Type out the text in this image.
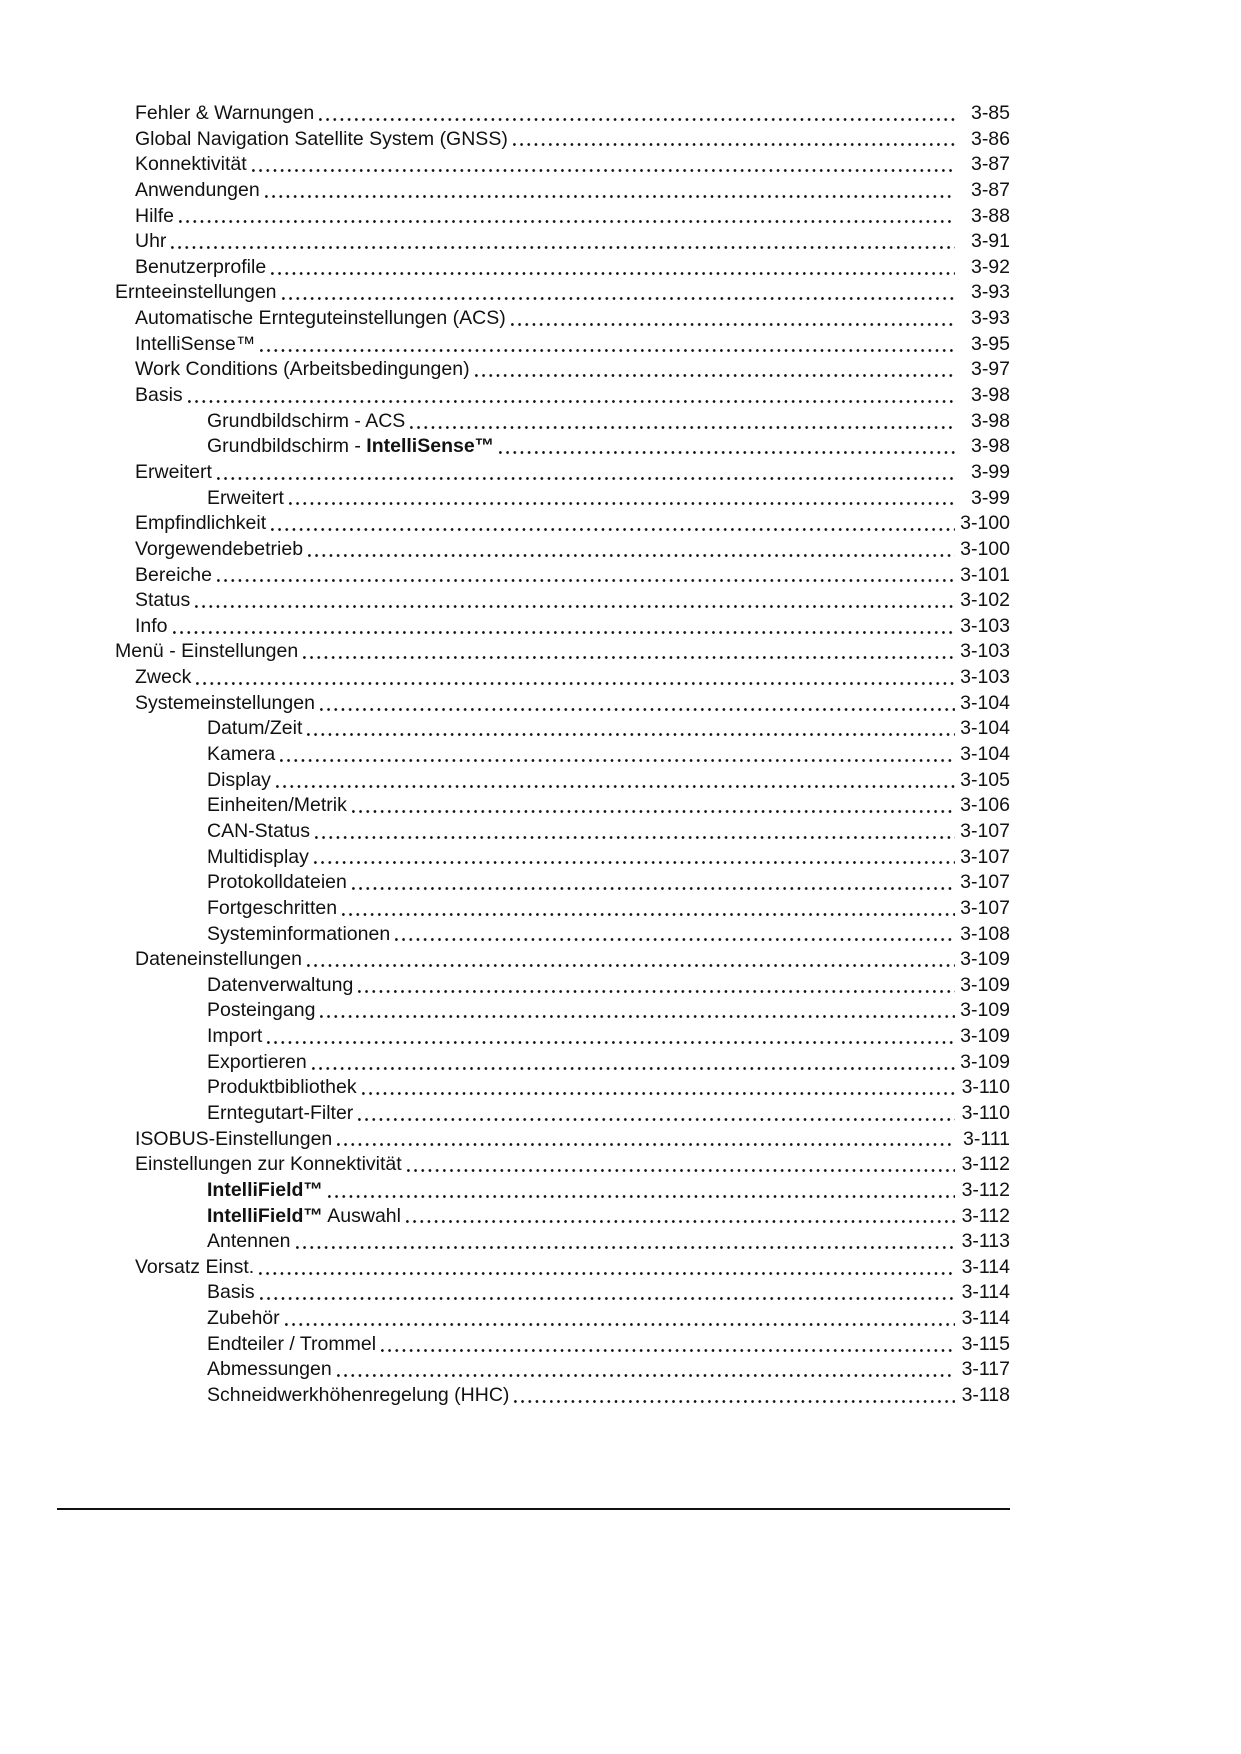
Fehler & Warnungen	3-85
Global Navigation Satellite System (GNSS)	3-86
Konnektivität	3-87
Anwendungen	3-87
Hilfe	3-88
Uhr	3-91
Benutzerprofile	3-92
Ernteeinstellungen	3-93
Automatische Ernteguteinstellungen (ACS)	3-93
IntelliSense™	3-95
Work Conditions (Arbeitsbedingungen)	3-97
Basis	3-98
Grundbildschirm - ACS	3-98
Grundbildschirm - IntelliSense™	3-98
Erweitert	3-99
Erweitert	3-99
Empfindlichkeit	3-100
Vorgewendebetrieb	3-100
Bereiche	3-101
Status	3-102
Info	3-103
Menü - Einstellungen	3-103
Zweck	3-103
Systemeinstellungen	3-104
Datum/Zeit	3-104
Kamera	3-104
Display	3-105
Einheiten/Metrik	3-106
CAN-Status	3-107
Multidisplay	3-107
Protokolldateien	3-107
Fortgeschritten	3-107
Systeminformationen	3-108
Dateneinstellungen	3-109
Datenverwaltung	3-109
Posteingang	3-109
Import	3-109
Exportieren	3-109
Produktbibliothek	3-110
Erntegutart-Filter	3-110
ISOBUS-Einstellungen	3-111
Einstellungen zur Konnektivität	3-112
IntelliField™	3-112
IntelliField™ Auswahl	3-112
Antennen	3-113
Vorsatz Einst.	3-114
Basis	3-114
Zubehör	3-114
Endteiler / Trommel	3-115
Abmessungen	3-117
Schneidwerkhöhenregelung (HHC)	3-118
